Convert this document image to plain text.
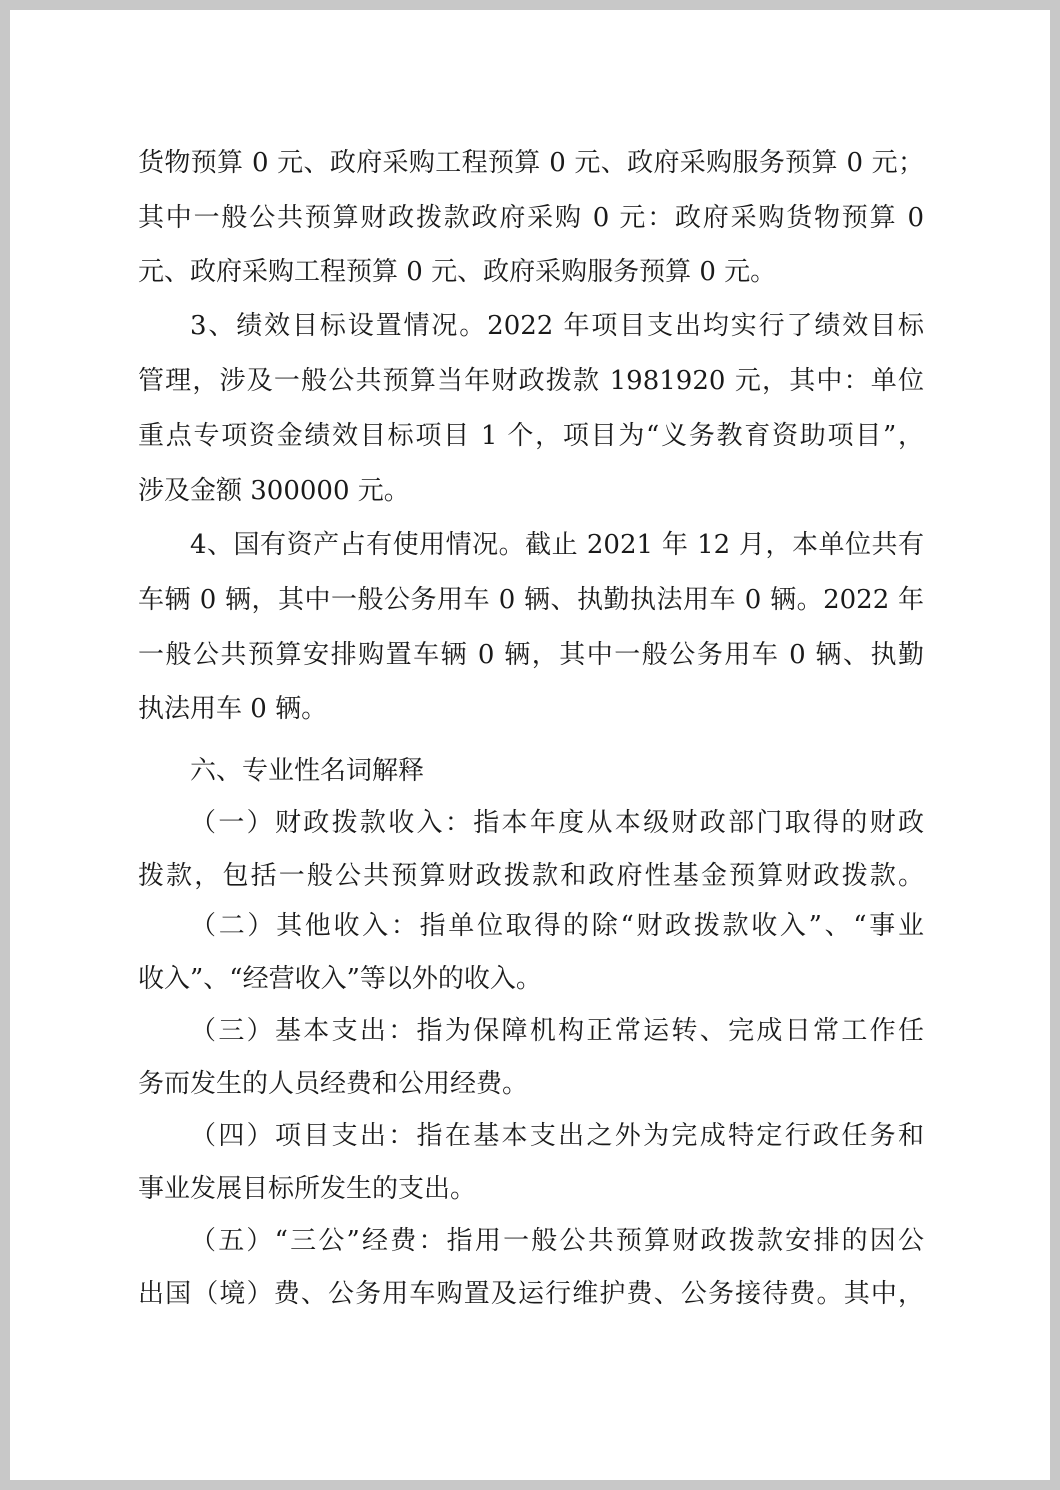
货物预算 0 元、政府采购工程预算 0 元、政府采购服务预算 0 元；

其中一般公共预算财政拨款政府采购 0 元：政府采购货物预算 0

元、政府采购工程预算 0 元、政府采购服务预算 0 元。

3、绩效目标设置情况。2022 年项目支出均实行了绩效目标

管理，涉及一般公共预算当年财政拨款 1981920 元，其中：单位

重点专项资金绩效目标项目 1 个，项目为“义务教育资助项目”，

涉及金额 300000 元。

4、国有资产占有使用情况。截止 2021 年 12 月，本单位共有

车辆 0 辆，其中一般公务用车 0 辆、执勤执法用车 0 辆。2022 年

一般公共预算安排购置车辆 0 辆，其中一般公务用车 0 辆、执勤

执法用车 0 辆。

六、专业性名词解释

（一）财政拨款收入：指本年度从本级财政部门取得的财政

拨款，包括一般公共预算财政拨款和政府性基金预算财政拨款。

（二）其他收入：指单位取得的除“财政拨款收入”、“事业

收入”、“经营收入”等以外的收入。

（三）基本支出：指为保障机构正常运转、完成日常工作任

务而发生的人员经费和公用经费。

（四）项目支出：指在基本支出之外为完成特定行政任务和

事业发展目标所发生的支出。

（五）“三公”经费：指用一般公共预算财政拨款安排的因公

出国（境）费、公务用车购置及运行维护费、公务接待费。其中，
